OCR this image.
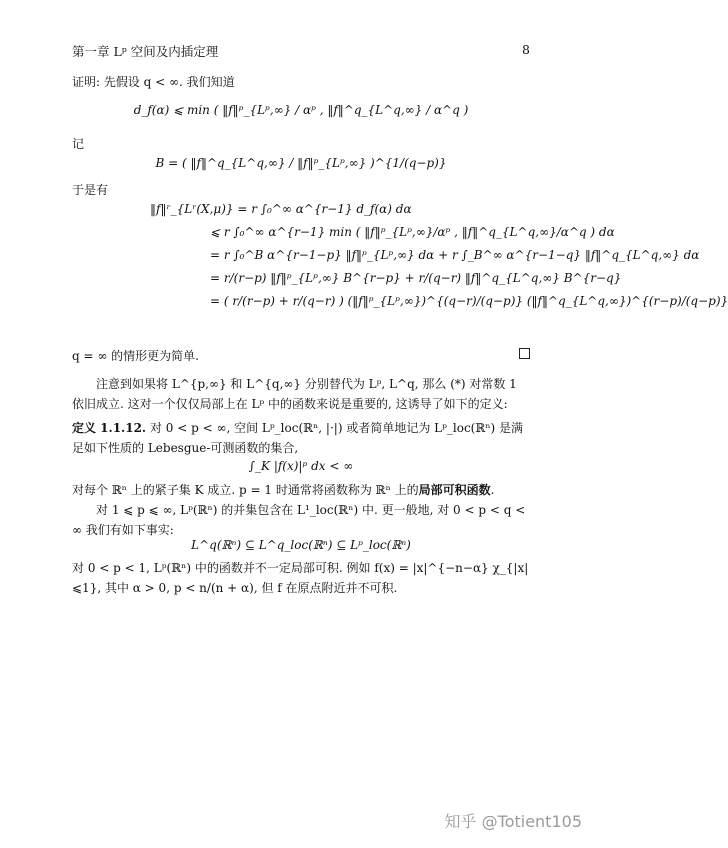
第一章 Lᵖ 空间及内插定理	8
证明: 先假设 q < ∞. 我们知道
d_f(α) ⩽ min ( ‖f‖ᵖ_{Lᵖ,∞} / αᵖ , ‖f‖^q_{L^q,∞} / α^q )
记
B = ( ‖f‖^q_{L^q,∞} / ‖f‖ᵖ_{Lᵖ,∞} )^{1/(q−p)}
于是有
‖f‖ʳ_{Lʳ(X,μ)} = r ∫₀^∞ α^{r−1} d_f(α) dα
⩽ r ∫₀^∞ α^{r−1} min ( ‖f‖ᵖ_{Lᵖ,∞}/αᵖ , ‖f‖^q_{L^q,∞}/α^q ) dα
= r ∫₀^B α^{r−1−p} ‖f‖ᵖ_{Lᵖ,∞} dα + r ∫_B^∞ α^{r−1−q} ‖f‖^q_{L^q,∞} dα
= r/(r−p) ‖f‖ᵖ_{Lᵖ,∞} B^{r−p} + r/(q−r) ‖f‖^q_{L^q,∞} B^{r−q}
= ( r/(r−p) + r/(q−r) ) (‖f‖ᵖ_{Lᵖ,∞})^{(q−r)/(q−p)} (‖f‖^q_{L^q,∞})^{(r−p)/(q−p)}
q = ∞ 的情形更为简单.
注意到如果将 L^{p,∞} 和 L^{q,∞} 分别替代为 Lᵖ, L^q, 那么 (*) 对常数 1 依旧成立. 这对一个仅仅局部上在 Lᵖ 中的函数来说是重要的, 这诱导了如下的定义:
定义 1.1.12. 对 0 < p < ∞, 空间 Lᵖ_loc(ℝⁿ, |·|) 或者简单地记为 Lᵖ_loc(ℝⁿ) 是满足如下性质的 Lebesgue-可测函数的集合,
∫_K |f(x)|ᵖ dx < ∞
对每个 ℝⁿ 上的紧子集 K 成立. p = 1 时通常将函数称为 ℝⁿ 上的局部可积函数.
对 1 ⩽ p ⩽ ∞, Lᵖ(ℝⁿ) 的并集包含在 L¹_loc(ℝⁿ) 中. 更一般地, 对 0 < p < q < ∞ 我们有如下事实:
L^q(ℝⁿ) ⊆ L^q_loc(ℝⁿ) ⊆ Lᵖ_loc(ℝⁿ)
对 0 < p < 1, Lᵖ(ℝⁿ) 中的函数并不一定局部可积. 例如 f(x) = |x|^{−n−α} χ_{|x|⩽1}, 其中 α > 0, p < n/(n + α), 但 f 在原点附近并不可积.
知乎 @Totient105
